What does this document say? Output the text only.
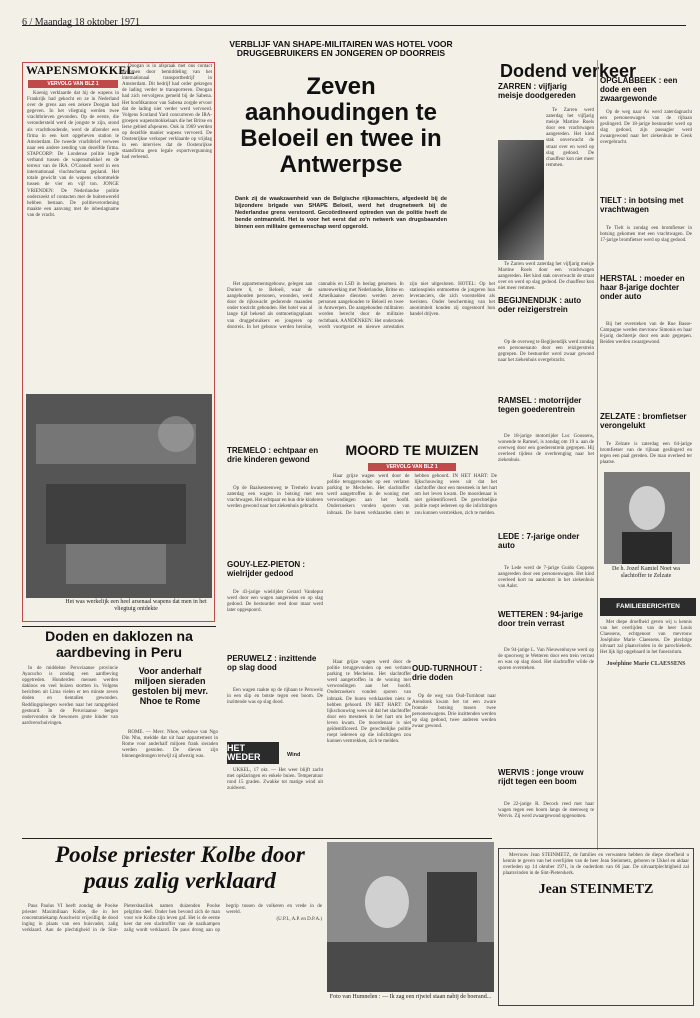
6 / Maandag 18 oktober 1971
WAPENSMOKKEL
VERVOLG VAN BLZ 1

Koenig verklaarde dat hij de wapens in Frankrijk had gekocht en ze in Nederland over de grens aan een zekere Doogan had gegeven. In het vliegtuig werden twee vrachtbrieven gevonden. Op de eerste, die verondersteld werd de jongste te zijn, stond als vrachthoudende, werd de afzender een firma in een kort opgeheven station te Amsterdam. De tweede vrachtbrief verwees naar een andere zending van dezelfde firma. STAPCORP: De Londense politie legde verband tussen de wapensmokkel en de terreur van de IRA. O'Connell werd in een internationaal vluchtschema gepland. Het totale gewicht van de wapens schommelde tussen de vier en vijf ton. JONGE VRIENDEN: De Nederlandse politie onderzoekt of contacten met de buitenwereld hebben bestaan. De politieverordening maakte een aanvang met de inbeslagname van de vracht.

Doogan is in afspraak met ons contact gekomen door bemiddeling van het internationaal transportbedrijf in Amsterdam. Dit bedrijf had order gekregen de lading verder te transporteren. Doogan had zich vervolgens gemeld bij de Sabena. Het hoofdkantoor van Sabena zorgde ervoor dat de lading niet verder werd vervoerd. Volgens Scotland Yard concurreren de IRA-groepen wapensmokkelaars die het Britse en Ierse gebied afspeuren. Ook in 1969 werden op dezelfde manier wapens vervoerd. De Oostenrijkse verkoper verklaarde op vrijdag in een interview dat de Oostenrijkse staatsfirma geen legale exportvergunning had verleend.

Het was werkelijk een heel arsenaal wapens dat men in het vliegtuig ontdekte
VERBLIJF VAN SHAPE-MILITAIREN WAS HOTEL VOOR DRUGGEBRUIKERS EN JONGEREN OP DOORREIS
Zeven aanhoudingen te Beloeil en twee in Antwerpse

Dank zij de waakzaamheid van de Belgische rijkswachters, afgedeeld bij de bijzondere brigade van SHAPE Beloeil, werd het drugnetwerk bij de Nederlandse grens verstoord. Gecoördineerd optreden van de politie heeft de bende ontmanteld. Het is voor het eerst dat zo'n netwerk van drugsbaanden binnen een militaire gemeenschap werd opgerold.

Het appartementsgebouw, gelegen aan Duriere 6, te Beloeil, waar de aangehouden personen, woonden, werd door de rijkswacht gedurende maanden onder toezicht gehouden. Het hotel was al lange tijd bekend als ontmoetingsplaats van druggebruikers en jongeren op doorreis. In het gebouw werden heroïne, cannabis en LSD in beslag genomen. In samenwerking met Nederlandse, Britse en Amerikaanse diensten werden zeven personen aangehouden te Beloeil en twee in Antwerpen. De aangehouden militairen worden berecht door de militaire rechtbank. AANDENKEN: Het onderzoek wordt voortgezet en nieuwe arrestaties zijn niet uitgesloten. HOTEL: Op het stationsplein ontmoetten de jongeren hun leveranciers, die zich voorstelden als toeristen. Onder bescherming van het anonimiteit konden zij ongestoord hun handel drijven.

Dodend verkeer
ZARREN : vijfjarig meisje doodgereden

Te Zarren werd zaterdag het vijfjarig meisje Martine Roels door een vrachtwagen aangereden. Het kind stak onverwacht de straat over en werd op slag gedood. De chauffeur kon niet meer remmen.

Te Zarren werd zaterdag het vijfjarig meisje Martine Roels door een vrachtwagen aangereden. Het kind stak onverwacht de straat over en werd op slag gedood. De chauffeur kon niet meer remmen.

BEGIJNENDIJK : auto oder reizigerstrein

Op de overweg te Begijnendijk werd zondag een personenauto door een reizigerstrein gegrepen. De bestuurder werd zwaar gewond naar het ziekenhuis overgebracht.

RAMSEL : motorrijder tegen goederentrein

De 18-jarige motorrijder Luc Goossens, wonende te Ramsel, is zondag om 19 u. aan de overweg door een goederentrein gegrepen. Hij overleed tijdens de overbrenging naar het ziekenhuis.

LEDE : 7-jarige onder auto

Te Lede werd de 7-jarige Guido Coppens aangereden door een personenwagen. Het kind overleed kort na aankomst in het ziekenhuis van Aalst.

WETTEREN : 94-jarige door trein verrast

De 94-jarige L. Van Nieuwenhuyse werd op de spoorweg te Wetteren door een trein verrast en was op slag dood. Het slachtoffer wilde de sporen oversteken.

WERVIS : jonge vrouw rijdt tegen een boom

De 22-jarige R. Decock reed met haar wagen tegen een boom langs de steenweg te Wervis. Zij werd zwaargewond opgenomen.

OPGLABBEEK : een dode en een zwaargewonde

Op de weg naar As werd zaterdagnacht een personenwagen van de rijbaan geslingerd. De 18-jarige bestuurder werd op slag gedood, zijn passagier werd zwaargewond naar het ziekenhuis te Genk overgebracht.

TIELT : in botsing met vrachtwagen

Te Tielt is zondag een bromfietser in botsing gekomen met een vrachtwagen. De 17-jarige bromfietser werd op slag gedood.

HERSTAL : moeder en haar 8-jarige dochter onder auto

Bij het oversteken van de Rue Basse-Campagne werden mevrouw Simonis en haar 8-jarig dochtertje door een auto gegrepen. Beiden werden zwaargewond.

ZELZATE : bromfietser verongelukt

Te Zelzate is zaterdag een 64-jarige bromfietser van de rijbaan geslingerd en tegen een paal gereden. De man overleed ter plaatse.

De h. Jozef Kamiel Noet wa slachtoffer te Zelzate
MOORD TE MUIZEN
VERVOLG VAN BLZ 1

Haar grijze wagen werd door de politie teruggevonden op een verlaten parking te Mechelen. Het slachtoffer werd aangetroffen in de woning met verwondingen aan het hoofd. Onderzoekers vonden sporen van inbraak. De buren verklaarden niets te hebben gehoord. IN HET HART: De lijkschouwing wees uit dat het slachtoffer door een messteek in het hart om het leven kwam. De moordenaar is niet geïdentificeerd. De gerechtelijke politie roept iedereen op die inlichtingen zou kunnen verstrekken, zich te melden.

Haar grijze wagen werd door de politie teruggevonden op een verlaten parking te Mechelen. Het slachtoffer werd aangetroffen in de woning met verwondingen aan het hoofd. Onderzoekers vonden sporen van inbraak. De buren verklaarden niets te hebben gehoord. IN HET HART: De lijkschouwing wees uit dat het slachtoffer door een messteek in het hart om het leven kwam. De moordenaar is niet geïdentificeerd. De gerechtelijke politie roept iedereen op die inlichtingen zou kunnen verstrekken, zich te melden.

TREMELO : echtpaar en drie kinderen gewond

Op de Baalsesteenweg te Tremelo kwam zaterdag een wagen in botsing met een vrachtwagen. Het echtpaar en hun drie kinderen werden gewond naar het ziekenhuis gebracht.

GOUY-LEZ-PIETON : wielrijder gedood

De 43-jarige wielrijder Gerard Vandeput werd door een wagen aangereden en op slag gedood. De bestuurder reed door maar werd later opgespoord.

PERUWELZ : inzittende op slag dood

Een wagen raakte op de rijbaan te Peruwelz in een slip en botste tegen een boom. De inzittende was op slag dood.

OUD-TURNHOUT : drie doden

Op de weg van Oud-Turnhout naar Arendonk kwam het tot een zware frontale botsing tussen twee personenwagens. Drie inzittenden werden op slag gedood, twee anderen werden zwaar gewond.

Doden en daklozen na aardbeving in Peru

In de middelste Peruviaanse provincie Ayacucho is zondag een aardbeving opgetreden. Honderden mensen werden dakloos en veel huizen stortten in. Volgens berichten uit Lima vielen er ten minste zeven doden en tientallen gewonden. Reddingsploegen werden naar het rampgebied gestuurd. In de Peruviaanse bergen ondervonden de bewoners grote hinder van aardverschuivingen.

Voor anderhalf miljoen sieraden gestolen bij mevr. Nhoe te Rome

ROME. — Mevr. Nhoe, weduwe van Ngo Din Nhu, meldde dat uit haar appartement in Rome voor anderhalf miljoen frank sieraden werden gestolen. De dieven zijn binnengedrongen terwijl zij afwezig was.

HET WEDER	Wind

UKKEL, 17 okt. — Het weer blijft zacht met opklaringen en enkele buien. Temperatuur rond 15 graden. Zwakke tot matige wind uit zuidwest.

Poolse priester Kolbe door paus zalig verklaard

Paus Paulus VI heeft zondag de Poolse priester Maximiliaan Kolbe, die in het concentratiekamp Auschwitz vrijwillig de dood inging in plaats van een huisvader, zalig verklaard. Aan de plechtigheid in de Sint-Pietersbasiliek namen duizenden Poolse pelgrims deel. Onder hen bevond zich de man voor wie Kolbe zijn leven gaf. Het is de eerste keer dat een slachtoffer van de nazikampen zalig wordt verklaard. De paus drong aan op begrip tussen de volkeren en vrede in de wereld.

(U.P.I., A.P. en D.P.A.)

Foto van Humnelen : — Ik zag een rijwiel staan nabij de boerand...
FAMILIEBERICHTEN

Met diepe droefheid geven wij u kennis van het overlijden van de heer Louis Claessens, echtgenoot van mevrouw Joséphine Marie Claessens. De plechtige uitvaart zal plaatsvinden in de parochiekerk. Het lijk ligt opgebaard in het funerarium.

Joséphine Marie CLAESSENS

Mevrouw Jean STEINMETZ, de families en verwanten hebben de diepe droefheid u kennis te geven van het overlijden van de heer Jean Steinmetz, geboren te Ukkel en aldaar overleden op 14 oktober 1971, in de ouderdom van 66 jaar. De uitvaartplechtigheid zal plaatsvinden in de Sint-Pieterskerk.

Jean STEINMETZ
